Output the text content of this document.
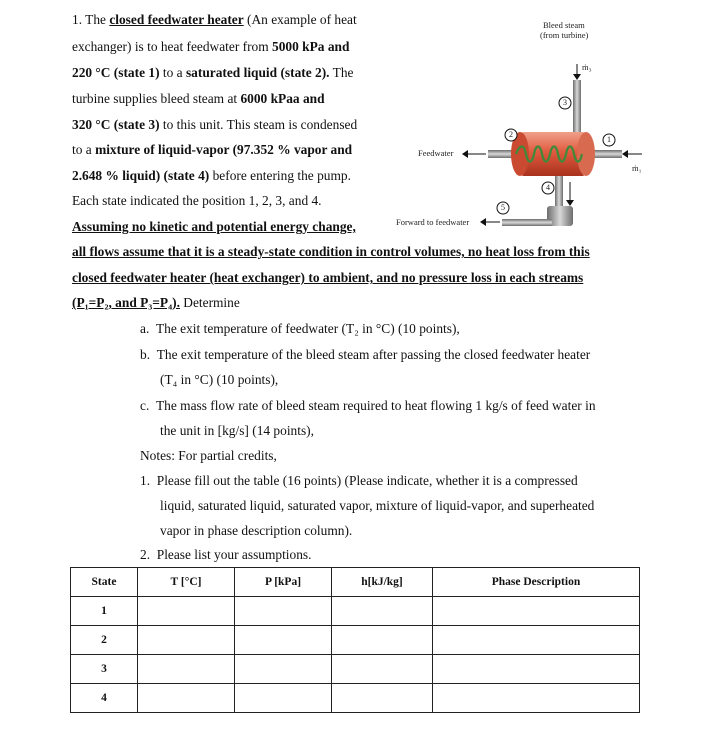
1. The closed feedwater heater (An example of heat
exchanger) is to heat feedwater from 5000 kPa and
220 °C (state 1) to a saturated liquid (state 2). The
turbine supplies bleed steam at 6000 kPaa and
320 °C (state 3) to this unit. This steam is condensed
to a mixture of liquid-vapor (97.352 % vapor and
2.648 % liquid) (state 4) before entering the pump.
Each state indicated the position 1, 2, 3, and 4.
Assuming no kinetic and potential energy change,
all flows assume that it is a steady-state condition in control volumes, no heat loss from this
closed feedwater heater (heat exchanger) to ambient, and no pressure loss in each streams
(P₁=P₂, and P₃=P₄). Determine
a. The exit temperature of feedwater (T₂ in °C) (10 points),
b. The exit temperature of the bleed steam after passing the closed feedwater heater
(T₄ in °C) (10 points),
c. The mass flow rate of bleed steam required to heat flowing 1 kg/s of feed water in
the unit in [kg/s] (14 points),
Notes: For partial credits,
1. Please fill out the table (16 points) (Please indicate, whether it is a compressed
liquid, saturated liquid, saturated vapor, mixture of liquid-vapor, and superheated
vapor in phase description column).
2. Please list your assumptions.
Bleed steam
(from turbine)
ṁ₃
ṁ₁
Feedwater
Forward to feedwater
3
2
1
4
5
State	T [°C]	P [kPa]	h[kJ/kg]	Phase Description
1				
2				
3				
4				
